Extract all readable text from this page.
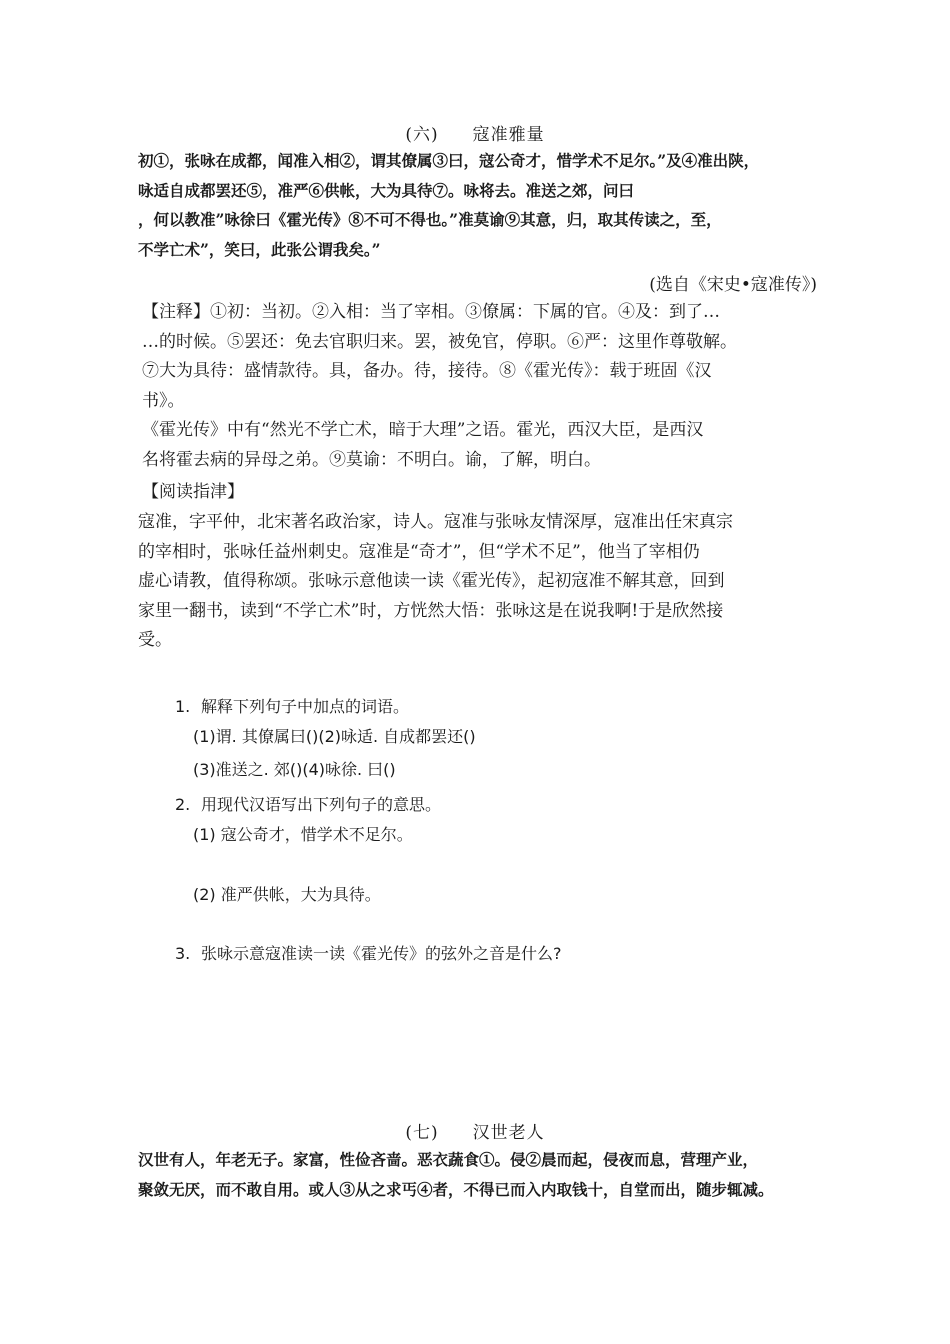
(六) 寇准雅量
初①，张咏在成都，闻准入相②，谓其僚属③曰，寇公奇才，惜学术不足尔。”及④准出陕，
咏适自成都罢还⑤，准严⑥供帐，大为具待⑦。咏将去。准送之郊，问曰
，何以教准”咏徐曰《霍光传》⑧不可不得也。”准莫谕⑨其意，归，取其传读之，至，
不学亡术”，笑曰，此张公谓我矣。”
(选自《宋史•寇准传》)
【注释】①初：当初。②入相：当了宰相。③僚属：下属的官。④及：到了…
…的时候。⑤罢还：免去官职归来。罢，被免官，停职。⑥严：这里作尊敬解。
⑦大为具待：盛情款待。具，备办。待，接待。⑧《霍光传》：载于班固《汉
书》。
《霍光传》中有“然光不学亡术，暗于大理”之语。霍光，西汉大臣，是西汉
名将霍去病的异母之弟。⑨莫谕：不明白。谕，了解，明白。
【阅读指津】
寇准，字平仲，北宋著名政治家，诗人。寇准与张咏友情深厚，寇准出任宋真宗
的宰相时，张咏任益州刺史。寇准是“奇才”，但“学术不足”，他当了宰相仍
虚心请教，值得称颂。张咏示意他读一读《霍光传》，起初寇准不解其意，回到
家里一翻书，读到“不学亡术”时，方恍然大悟：张咏这是在说我啊!于是欣然接
受。
1. 解释下列句子中加点的词语。
(1)谓. 其僚属曰()(2)咏适. 自成都罢还()
(3)准送之. 郊()(4)咏徐. 曰()
2. 用现代汉语写出下列句子的意思。
(1) 寇公奇才，惜学术不足尔。
(2) 准严供帐，大为具待。
3. 张咏示意寇准读一读《霍光传》的弦外之音是什么?
(七) 汉世老人
汉世有人，年老无子。家富，性俭吝啬。恶衣蔬食①。侵②晨而起，侵夜而息，营理产业，
聚敛无厌，而不敢自用。或人③从之求丐④者，不得已而入内取钱十，自堂而出，随步辄减。
